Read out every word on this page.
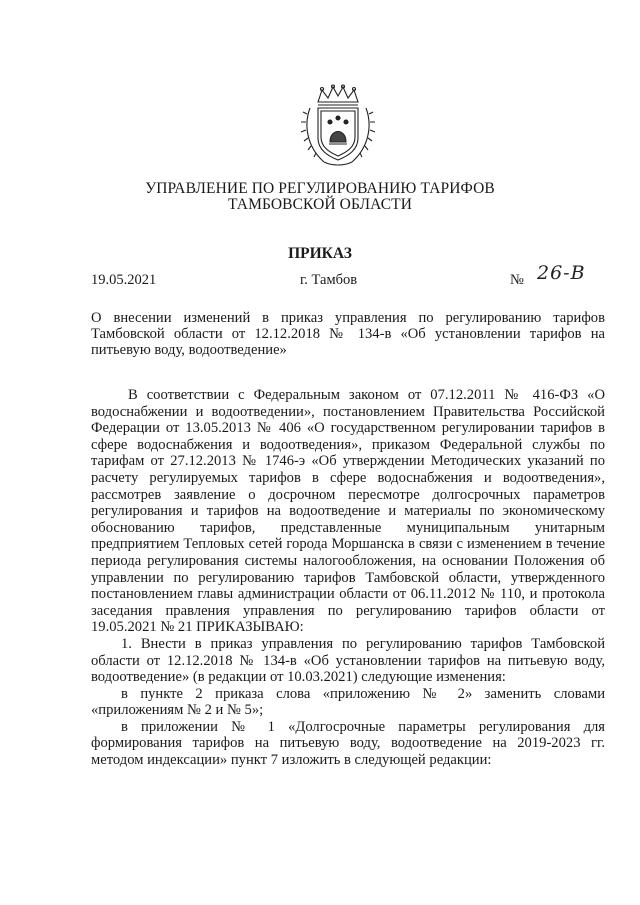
УПРАВЛЕНИЕ ПО РЕГУЛИРОВАНИЮ ТАРИФОВ
ТАМБОВСКОЙ ОБЛАСТИ
ПРИКАЗ
19.05.2021	г. Тамбов	№ 26-В

О внесении изменений в приказ управления по регулированию тарифов Тамбовской области от 12.12.2018 № 134-в «Об установлении тарифов на питьевую воду, водоотведение»

В соответствии с Федеральным законом от 07.12.2011 № 416-ФЗ «О водоснабжении и водоотведении», постановлением Правительства Российской Федерации от 13.05.2013 № 406 «О государственном регулировании тарифов в сфере водоснабжения и водоотведения», приказом Федеральной службы по тарифам от 27.12.2013 № 1746-э «Об утверждении Методических указаний по расчету регулируемых тарифов в сфере водоснабжения и водоотведения», рассмотрев заявление о досрочном пересмотре долгосрочных параметров регулирования и тарифов на водоотведение и материалы по экономическому обоснованию тарифов, представленные муниципальным унитарным предприятием Тепловых сетей города Моршанска в связи с изменением в течение периода регулирования системы налогообложения, на основании Положения об управлении по регулированию тарифов Тамбовской области, утвержденного постановлением главы администрации области от 06.11.2012 № 110, и протокола заседания правления управления по регулированию тарифов области от 19.05.2021 № 21 ПРИКАЗЫВАЮ:

1. Внести в приказ управления по регулированию тарифов Тамбовской области от 12.12.2018 № 134-в «Об установлении тарифов на питьевую воду, водоотведение» (в редакции от 10.03.2021) следующие изменения:

в пункте 2 приказа слова «приложению № 2» заменить словами «приложениям № 2 и № 5»;

в приложении № 1 «Долгосрочные параметры регулирования для формирования тарифов на питьевую воду, водоотведение на 2019-2023 гг. методом индексации» пункт 7 изложить в следующей редакции:
